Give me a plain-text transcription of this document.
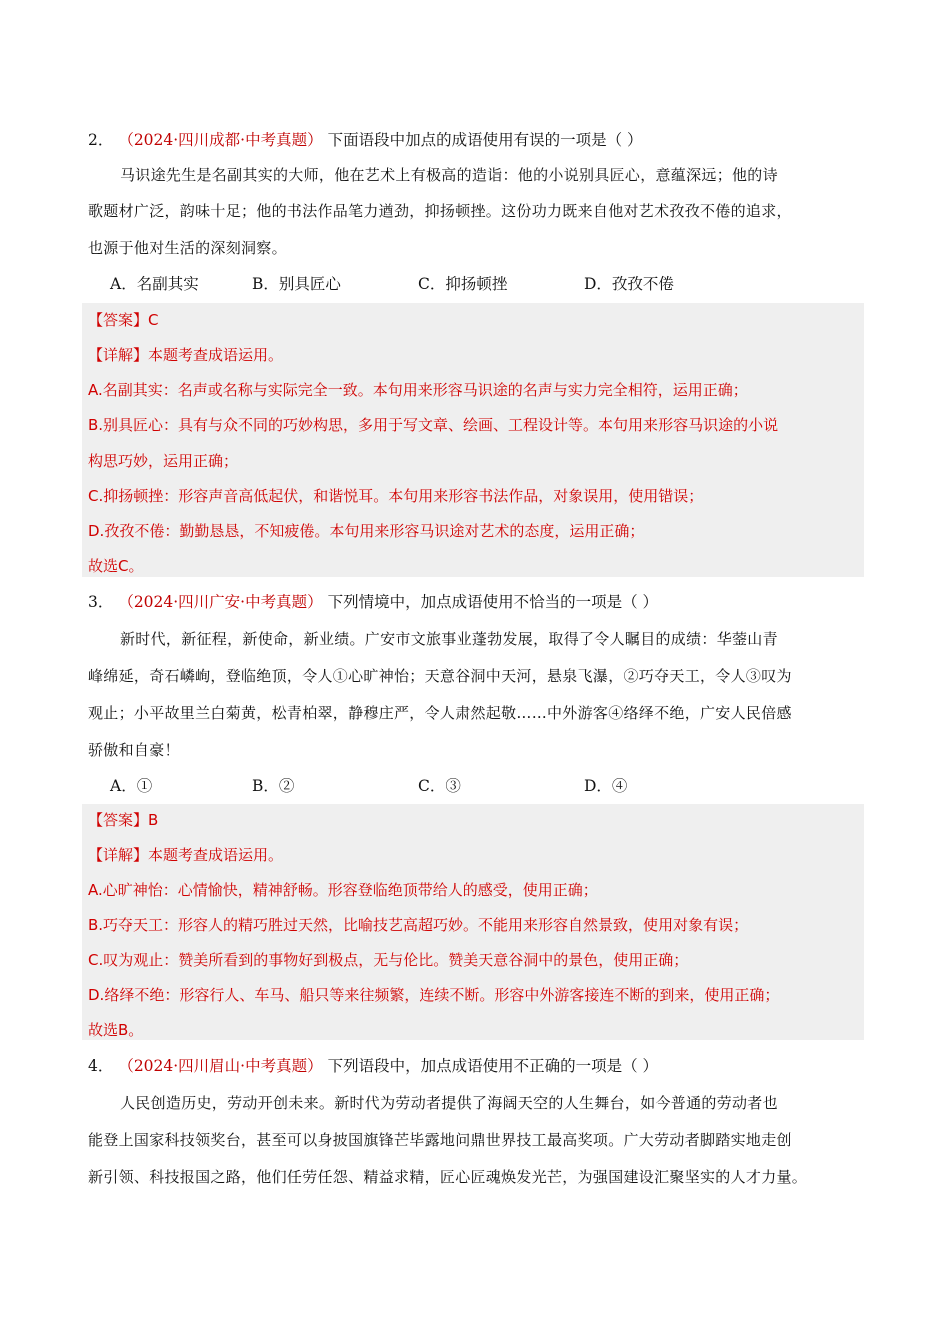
2． （2024·四川成都·中考真题） 下面语段中加点的成语使用有误的一项是（ ）
马识途先生是名副其实的大师，他在艺术上有极高的造诣：他的小说别具匠心，意蕴深远；他的诗
歌题材广泛，韵味十足；他的书法作品笔力遒劲，抑扬顿挫。这份功力既来自他对艺术孜孜不倦的追求，
也源于他对生活的深刻洞察。
A．名副其实	B．别具匠心	C．抑扬顿挫	D．孜孜不倦
【答案】C
【详解】本题考查成语运用。
A.名副其实：名声或名称与实际完全一致。本句用来形容马识途的名声与实力完全相符，运用正确；
B.别具匠心：具有与众不同的巧妙构思，多用于写文章、绘画、工程设计等。本句用来形容马识途的小说
构思巧妙，运用正确；
C.抑扬顿挫：形容声音高低起伏，和谐悦耳。本句用来形容书法作品，对象误用，使用错误；
D.孜孜不倦：勤勤恳恳，不知疲倦。本句用来形容马识途对艺术的态度，运用正确；
故选C。
3． （2024·四川广安·中考真题） 下列情境中，加点成语使用不恰当的一项是（ ）
新时代，新征程，新使命，新业绩。广安市文旅事业蓬勃发展，取得了令人瞩目的成绩：华蓥山青
峰绵延，奇石嶙峋，登临绝顶，令人①心旷神怡；天意谷洞中天河，悬泉飞瀑，②巧夺天工，令人③叹为
观止；小平故里兰白菊黄，松青柏翠，静穆庄严，令人肃然起敬……中外游客④络绎不绝，广安人民倍感
骄傲和自豪！
A．①	B．②	C．③	D．④
【答案】B
【详解】本题考查成语运用。
A.心旷神怡：心情愉快，精神舒畅。形容登临绝顶带给人的感受，使用正确；
B.巧夺天工：形容人的精巧胜过天然，比喻技艺高超巧妙。不能用来形容自然景致，使用对象有误；
C.叹为观止：赞美所看到的事物好到极点，无与伦比。赞美天意谷洞中的景色，使用正确；
D.络绎不绝：形容行人、车马、船只等来往频繁，连续不断。形容中外游客接连不断的到来，使用正确；
故选B。
4． （2024·四川眉山·中考真题） 下列语段中，加点成语使用不正确的一项是（ ）
人民创造历史，劳动开创未来。新时代为劳动者提供了海阔天空的人生舞台，如今普通的劳动者也
能登上国家科技领奖台，甚至可以身披国旗锋芒毕露地问鼎世界技工最高奖项。广大劳动者脚踏实地走创
新引领、科技报国之路，他们任劳任怨、精益求精，匠心匠魂焕发光芒，为强国建设汇聚坚实的人才力量。
